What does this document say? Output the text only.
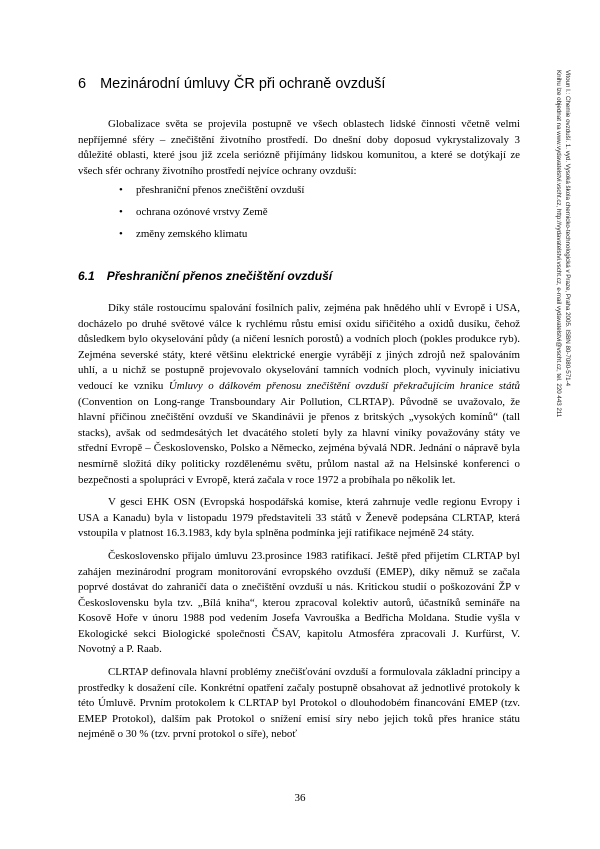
6 Mezinárodní úmluvy ČR při ochraně ovzduší

Globalizace světa se projevila postupně ve všech oblastech lidské činnosti včetně velmi nepříjemné sféry – znečištění životního prostředí. Do dnešní doby doposud vykrystalizovaly 3 důležité oblasti, které jsou již zcela seriózně přijímány lidskou komunitou, a které se dotýkají ze všech sfér ochrany životního prostředí nejvíce ochrany ovzduší:

• přeshraniční přenos znečištění ovzduší
• ochrana ozónové vrstvy Země
• změny zemského klimatu
6.1 Přeshraniční přenos znečištění ovzduší

Díky stále rostoucímu spalování fosilních paliv, zejména pak hnědého uhlí v Evropě i USA, docházelo po druhé světové válce k rychlému růstu emisí oxidu siřičitého a oxidů dusíku, čehož důsledkem bylo okyselování půdy (a ničení lesních porostů) a vodních ploch (pokles produkce ryb). Zejména severské státy, které většinu elektrické energie vyrábějí z jiných zdrojů než spalováním uhlí, a u nichž se postupně projevovalo okyselování tamních vodních ploch, vyvinuly iniciativu vedoucí ke vzniku Úmluvy o dálkovém přenosu znečištění ovzduší překračujícím hranice států (Convention on Long-range Transboundary Air Pollution, CLRTAP). Původně se uvažovalo, že hlavní příčinou znečištění ovzduší ve Skandinávii je přenos z britských „vysokých komínů“ (tall stacks), avšak od sedmdesátých let dvacátého století byly za hlavní viníky považovány státy ve střední Evropě – Československo, Polsko a Německo, zejména bývalá NDR. Jednání o nápravě byla nesmírně složitá díky politicky rozdělenému světu, průlom nastal až na Helsinské konferenci o bezpečnosti a spolupráci v Evropě, která začala v roce 1972 a probíhala po několik let.

V gesci EHK OSN (Evropská hospodářská komise, která zahrnuje vedle regionu Evropy i USA a Kanadu) byla v listopadu 1979 představiteli 33 států v Ženevě podepsána CLRTAP, která vstoupila v platnost 16.3.1983, kdy byla splněna podmínka její ratifikace nejméně 24 státy.

Československo přijalo úmluvu 23.prosince 1983 ratifikací. Ještě před přijetím CLRTAP byl zahájen mezinárodní program monitorování evropského ovzduší (EMEP), díky němuž se začala poprvé dostávat do zahraničí data o znečištění ovzduší u nás. Kritickou studií o poškozování ŽP v Československu byla tzv. „Bílá kniha“, kterou zpracoval kolektiv autorů, účastníků semináře na Kosově Hoře v únoru 1988 pod vedením Josefa Vavrouška a Bedřicha Moldana. Studie vyšla v Ekologické sekci Biologické společnosti ČSAV, kapitolu Atmosféra zpracovali J. Kurfürst, V. Novotný a P. Raab.

CLRTAP definovala hlavní problémy znečišťování ovzduší a formulovala základní principy a prostředky k dosažení cíle. Konkrétní opatření začaly postupně obsahovat až jednotlivé protokoly k této Úmluvě. Prvním protokolem k CLRTAP byl Protokol o dlouhodobém financování EMEP (tzv. EMEP Protokol), dalším pak Protokol o snížení emisí síry nebo jejich toků přes hranice státu nejméně o 30 % (tzv. první protokol o síře), neboť

Vitoun I.: Chemie ovzduší. 1. vyd. Vysoká škola chemicko-technologická v Praze, Praha 2005. ISBN 80-7080-571-4
Knihu lze objednat na www.vydavatelstvi.vscht.cz, http://vydavatelstvi.vscht.cz, e-mail vydavatelstvi@vscht.cz, tel. 220 443 211
36
